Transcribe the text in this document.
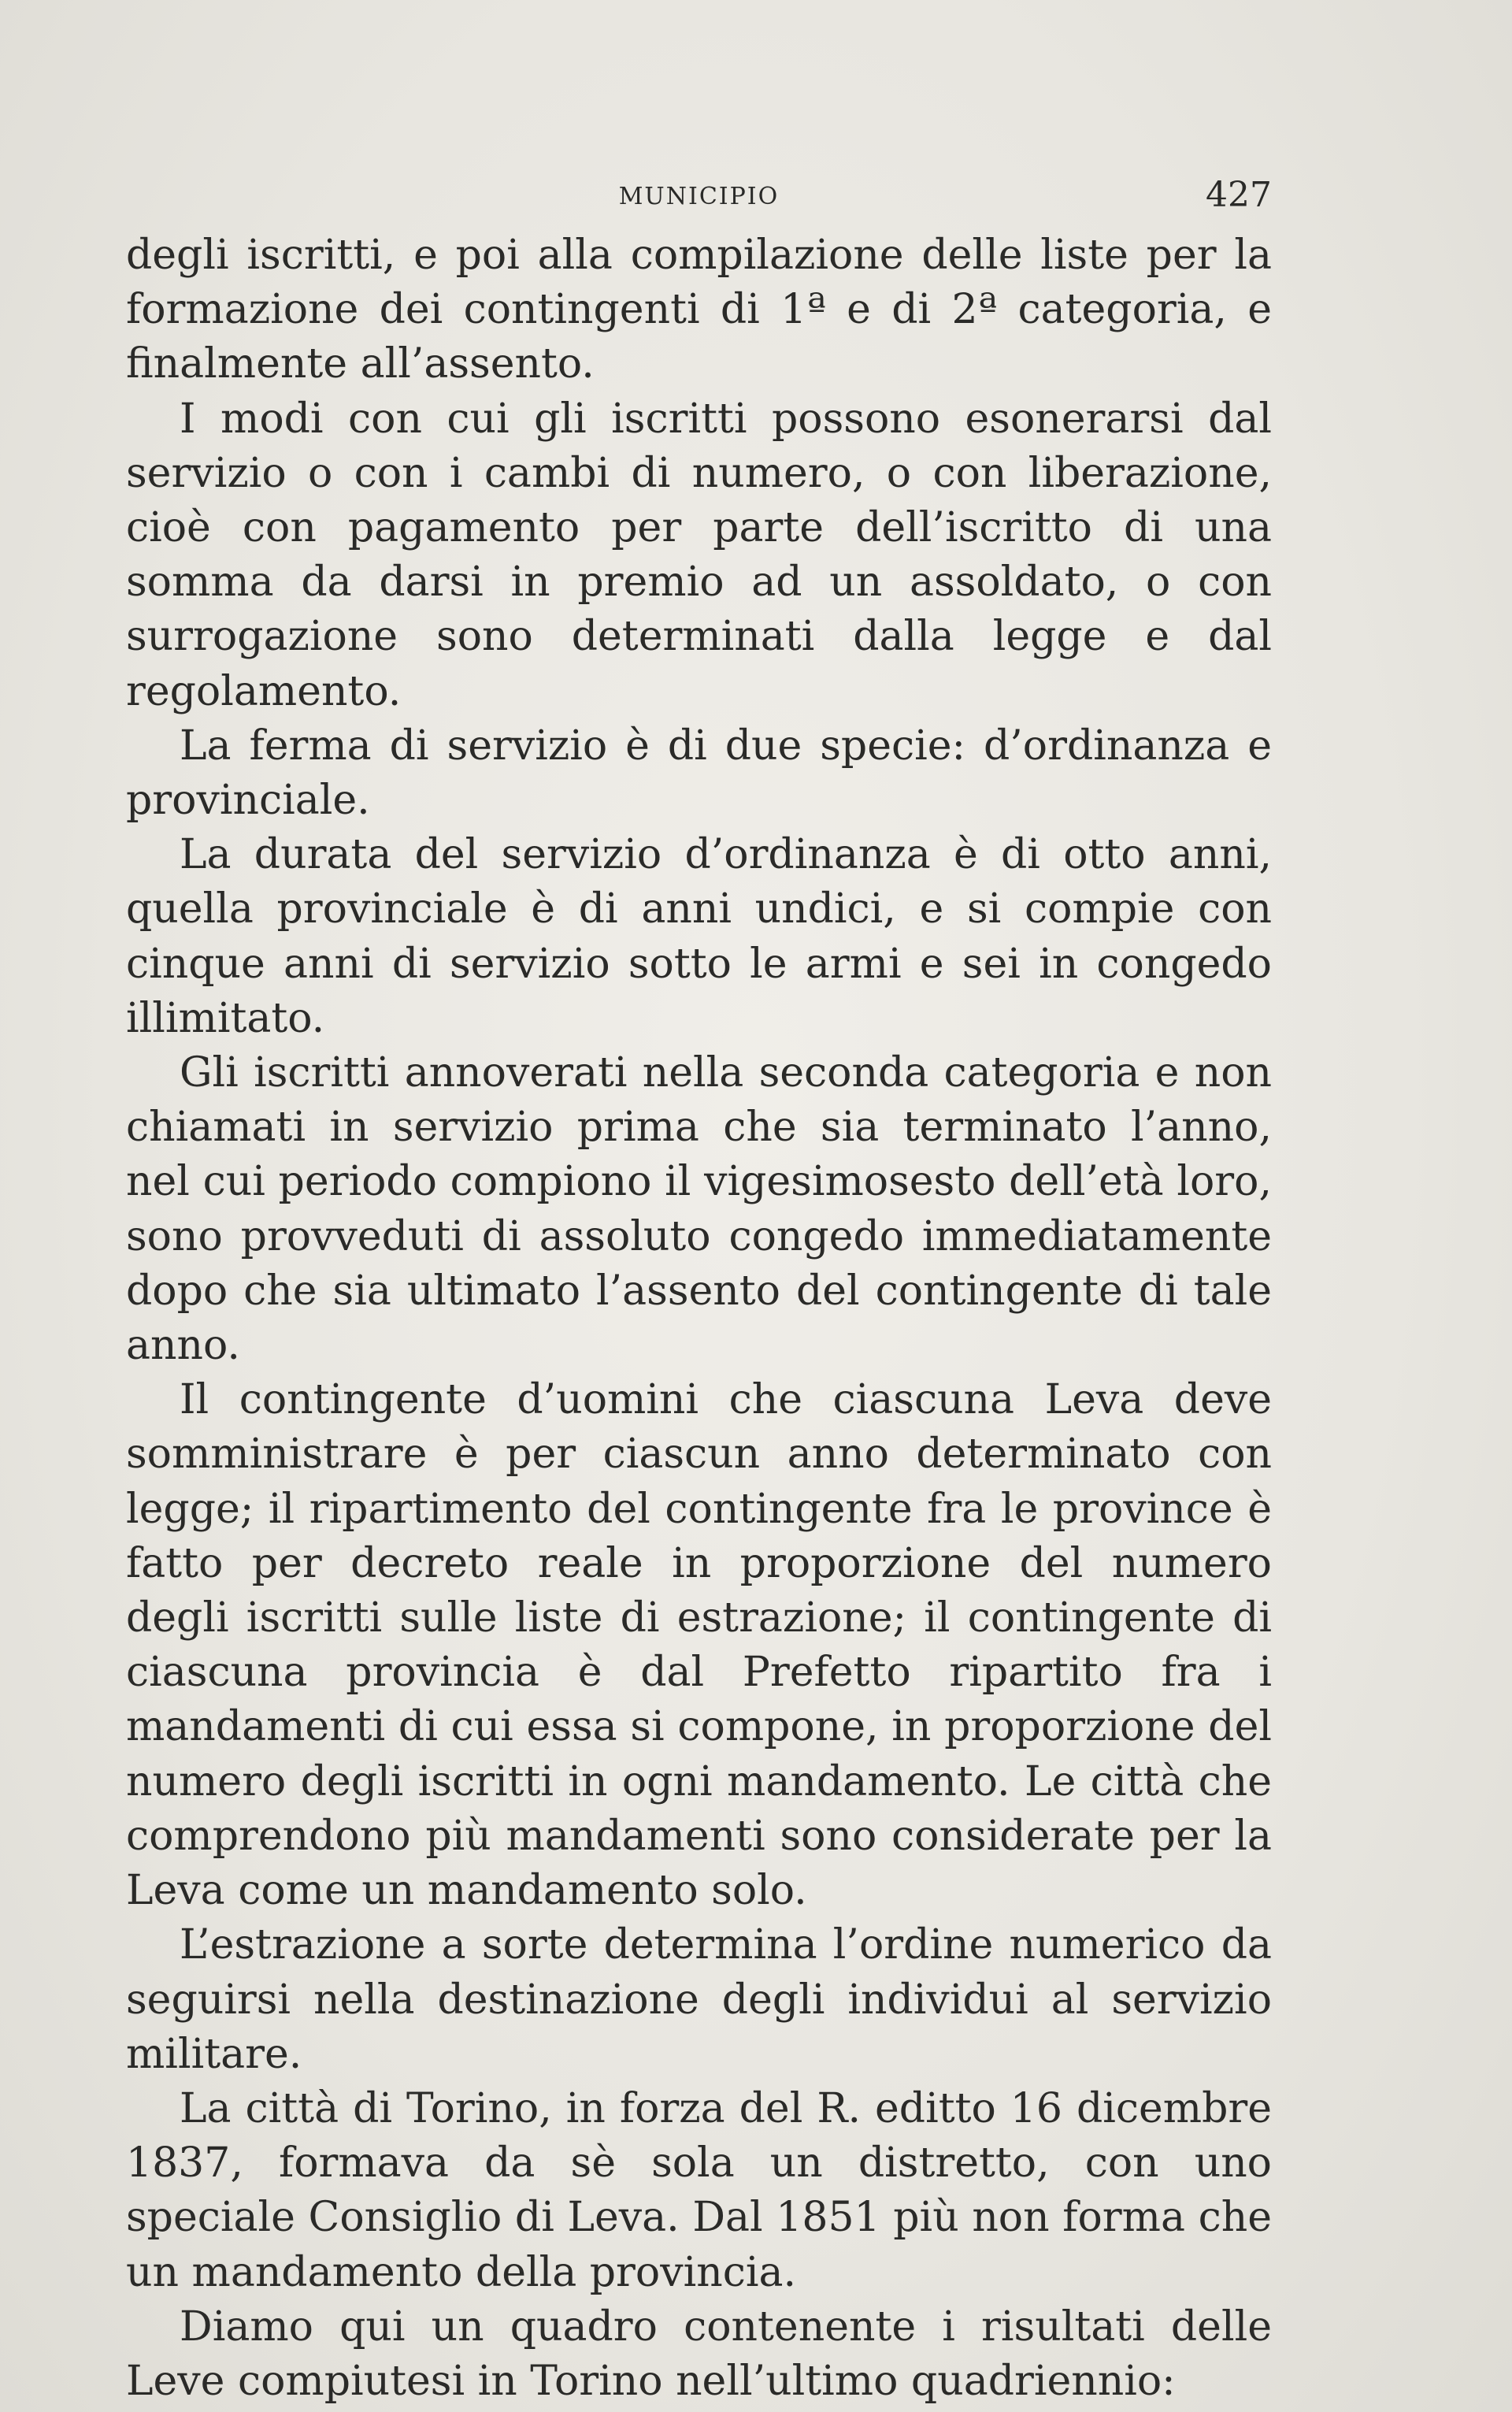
MUNICIPIO	427

degli iscritti, e poi alla compilazione delle liste per la formazione dei contingenti di 1ª e di 2ª categoria, e finalmente all’assento.

I modi con cui gli iscritti possono esonerarsi dal servizio o con i cambi di numero, o con liberazione, cioè con pagamento per parte dell’iscritto di una somma da darsi in premio ad un assoldato, o con surrogazione sono determinati dalla legge e dal regolamento.

La ferma di servizio è di due specie: d’ordinanza e provinciale.

La durata del servizio d’ordinanza è di otto anni, quella provinciale è di anni undici, e si compie con cinque anni di servizio sotto le armi e sei in congedo illimitato.

Gli iscritti annoverati nella seconda categoria e non chiamati in servizio prima che sia terminato l’anno, nel cui periodo compiono il vigesimosesto dell’età loro, sono provveduti di assoluto congedo immediatamente dopo che sia ultimato l’assento del contingente di tale anno.

Il contingente d’uomini che ciascuna Leva deve somministrare è per ciascun anno determinato con legge; il ripartimento del contingente fra le province è fatto per decreto reale in proporzione del numero degli iscritti sulle liste di estrazione; il contingente di ciascuna provincia è dal Prefetto ripartito fra i mandamenti di cui essa si compone, in proporzione del numero degli iscritti in ogni mandamento. Le città che comprendono più mandamenti sono considerate per la Leva come un mandamento solo.

L’estrazione a sorte determina l’ordine numerico da seguirsi nella destinazione degli individui al servizio militare.

La città di Torino, in forza del R. editto 16 dicembre 1837, formava da sè sola un distretto, con uno speciale Consiglio di Leva. Dal 1851 più non forma che un mandamento della provincia.

Diamo qui un quadro contenente i risultati delle Leve compiutesi in Torino nell’ultimo quadriennio:
